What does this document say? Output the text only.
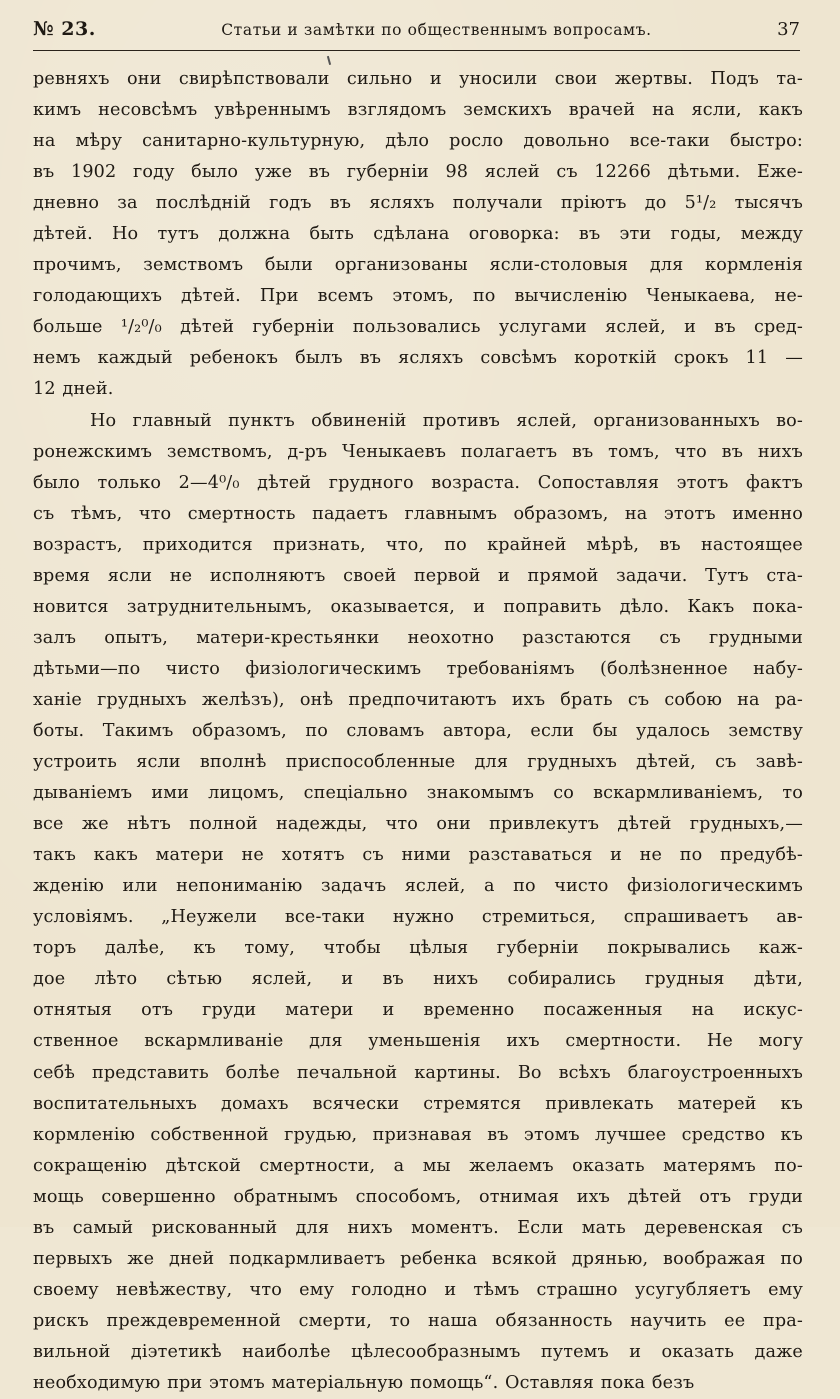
№ 23.	Статьи и замѣтки по общественнымъ вопросамъ.	37
ревняхъ они свирѣпствовали сильно и уносили свои жертвы. Подъ та-
кимъ несовсѣмъ увѣреннымъ взглядомъ земскихъ врачей на ясли, какъ
на мѣру санитарно-культурную, дѣло росло довольно все-таки быстро:
въ 1902 году было уже въ губерніи 98 яслей съ 12266 дѣтьми. Еже-
дневно за послѣдній годъ въ ясляхъ получали пріютъ до 5¹/₂ тысячъ
дѣтей. Но тутъ должна быть сдѣлана оговорка: въ эти годы, между
прочимъ, земствомъ были организованы ясли-столовыя для кормленія
голодающихъ дѣтей. При всемъ этомъ, по вычисленію Ченыкаева, не-
больше ¹/₂⁰/₀ дѣтей губерніи пользовались услугами яслей, и въ сред-
немъ каждый ребенокъ былъ въ ясляхъ совсѣмъ короткій срокъ 11 —
12 дней.
Но главный пунктъ обвиненій противъ яслей, организованныхъ во-
ронежскимъ земствомъ, д-ръ Ченыкаевъ полагаетъ въ томъ, что въ нихъ
было только 2—4⁰/₀ дѣтей грудного возраста. Сопоставляя этотъ фактъ
съ тѣмъ, что смертность падаетъ главнымъ образомъ, на этотъ именно
возрастъ, приходится признать, что, по крайней мѣрѣ, въ настоящее
время ясли не исполняютъ своей первой и прямой задачи. Тутъ ста-
новится затруднительнымъ, оказывается, и поправить дѣло. Какъ пока-
залъ опытъ, матери-крестьянки неохотно разстаются съ грудными
дѣтьми—по чисто физіологическимъ требованіямъ (болѣзненное набу-
ханіе грудныхъ желѣзъ), онѣ предпочитаютъ ихъ брать съ собою на ра-
боты. Такимъ образомъ, по словамъ автора, если бы удалось земству
устроить ясли вполнѣ приспособленные для грудныхъ дѣтей, съ завѣ-
дываніемъ ими лицомъ, спеціально знакомымъ со вскармливаніемъ, то
все же нѣтъ полной надежды, что они привлекутъ дѣтей грудныхъ,—
такъ какъ матери не хотятъ съ ними разставаться и не по предубѣ-
жденію или непониманію задачъ яслей, а по чисто физіологическимъ
условіямъ. „Неужели все-таки нужно стремиться, спрашиваетъ ав-
торъ далѣе, къ тому, чтобы цѣлыя губерніи покрывались каж-
дое лѣто сѣтью яслей, и въ нихъ собирались грудныя дѣти,
отнятыя отъ груди матери и временно посаженныя на искус-
ственное вскармливаніе для уменьшенія ихъ смертности. Не могу
себѣ представить болѣе печальной картины. Во всѣхъ благоустроенныхъ
воспитательныхъ домахъ всячески стремятся привлекать матерей къ
кормленію собственной грудью, признавая въ этомъ лучшее средство къ
сокращенію дѣтской смертности, а мы желаемъ оказать матерямъ по-
мощь совершенно обратнымъ способомъ, отнимая ихъ дѣтей отъ груди
въ самый рискованный для нихъ моментъ. Если мать деревенская съ
первыхъ же дней подкармливаетъ ребенка всякой дрянью, воображая по
своему невѣжеству, что ему голодно и тѣмъ страшно усугубляетъ ему
рискъ преждевременной смерти, то наша обязанность научить ее пра-
вильной діэтетикѣ наиболѣе цѣлесообразнымъ путемъ и оказать даже
необходимую при этомъ матеріальную помощь“. Оставляя пока безъ
